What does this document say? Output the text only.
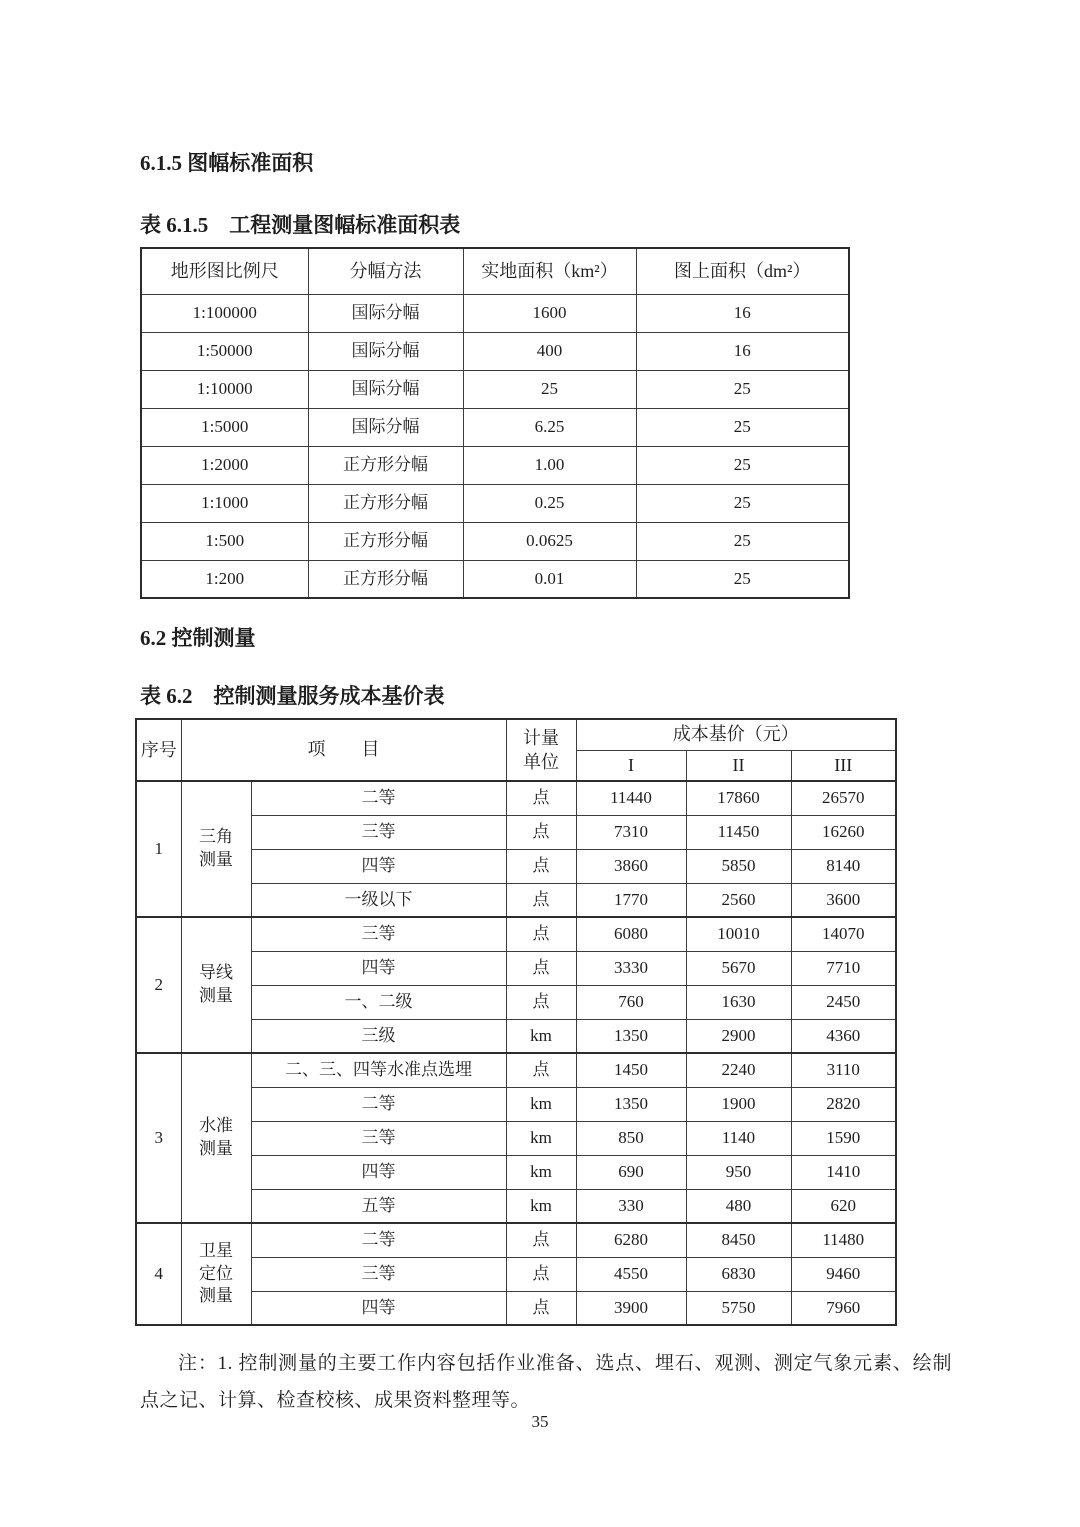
6.1.5 图幅标准面积
表 6.1.5　工程测量图幅标准面积表
地形图比例尺	分幅方法	实地面积（km²）	图上面积（dm²）
1:100000	国际分幅	1600	16
1:50000	国际分幅	400	16
1:10000	国际分幅	25	25
1:5000	国际分幅	6.25	25
1:2000	正方形分幅	1.00	25
1:1000	正方形分幅	0.25	25
1:500	正方形分幅	0.0625	25
1:200	正方形分幅	0.01	25
6.2 控制测量
表 6.2　控制测量服务成本基价表
序号	项　　目		计量单位	成本基价（元）		
				I	II	III
1	三角测量	二等	点	11440	17860	26570
		三等	点	7310	11450	16260
		四等	点	3860	5850	8140
		一级以下	点	1770	2560	3600
2	导线测量	三等	点	6080	10010	14070
		四等	点	3330	5670	7710
		一、二级	点	760	1630	2450
		三级	km	1350	2900	4360
3	水准测量	二、三、四等水准点选埋	点	1450	2240	3110
		二等	km	1350	1900	2820
		三等	km	850	1140	1590
		四等	km	690	950	1410
		五等	km	330	480	620
4	卫星定位测量	二等	点	6280	8450	11480
		三等	点	4550	6830	9460
		四等	点	3900	5750	7960

注：1. 控制测量的主要工作内容包括作业准备、选点、埋石、观测、测定气象元素、绘制点之记、计算、检查校核、成果资料整理等。

35
